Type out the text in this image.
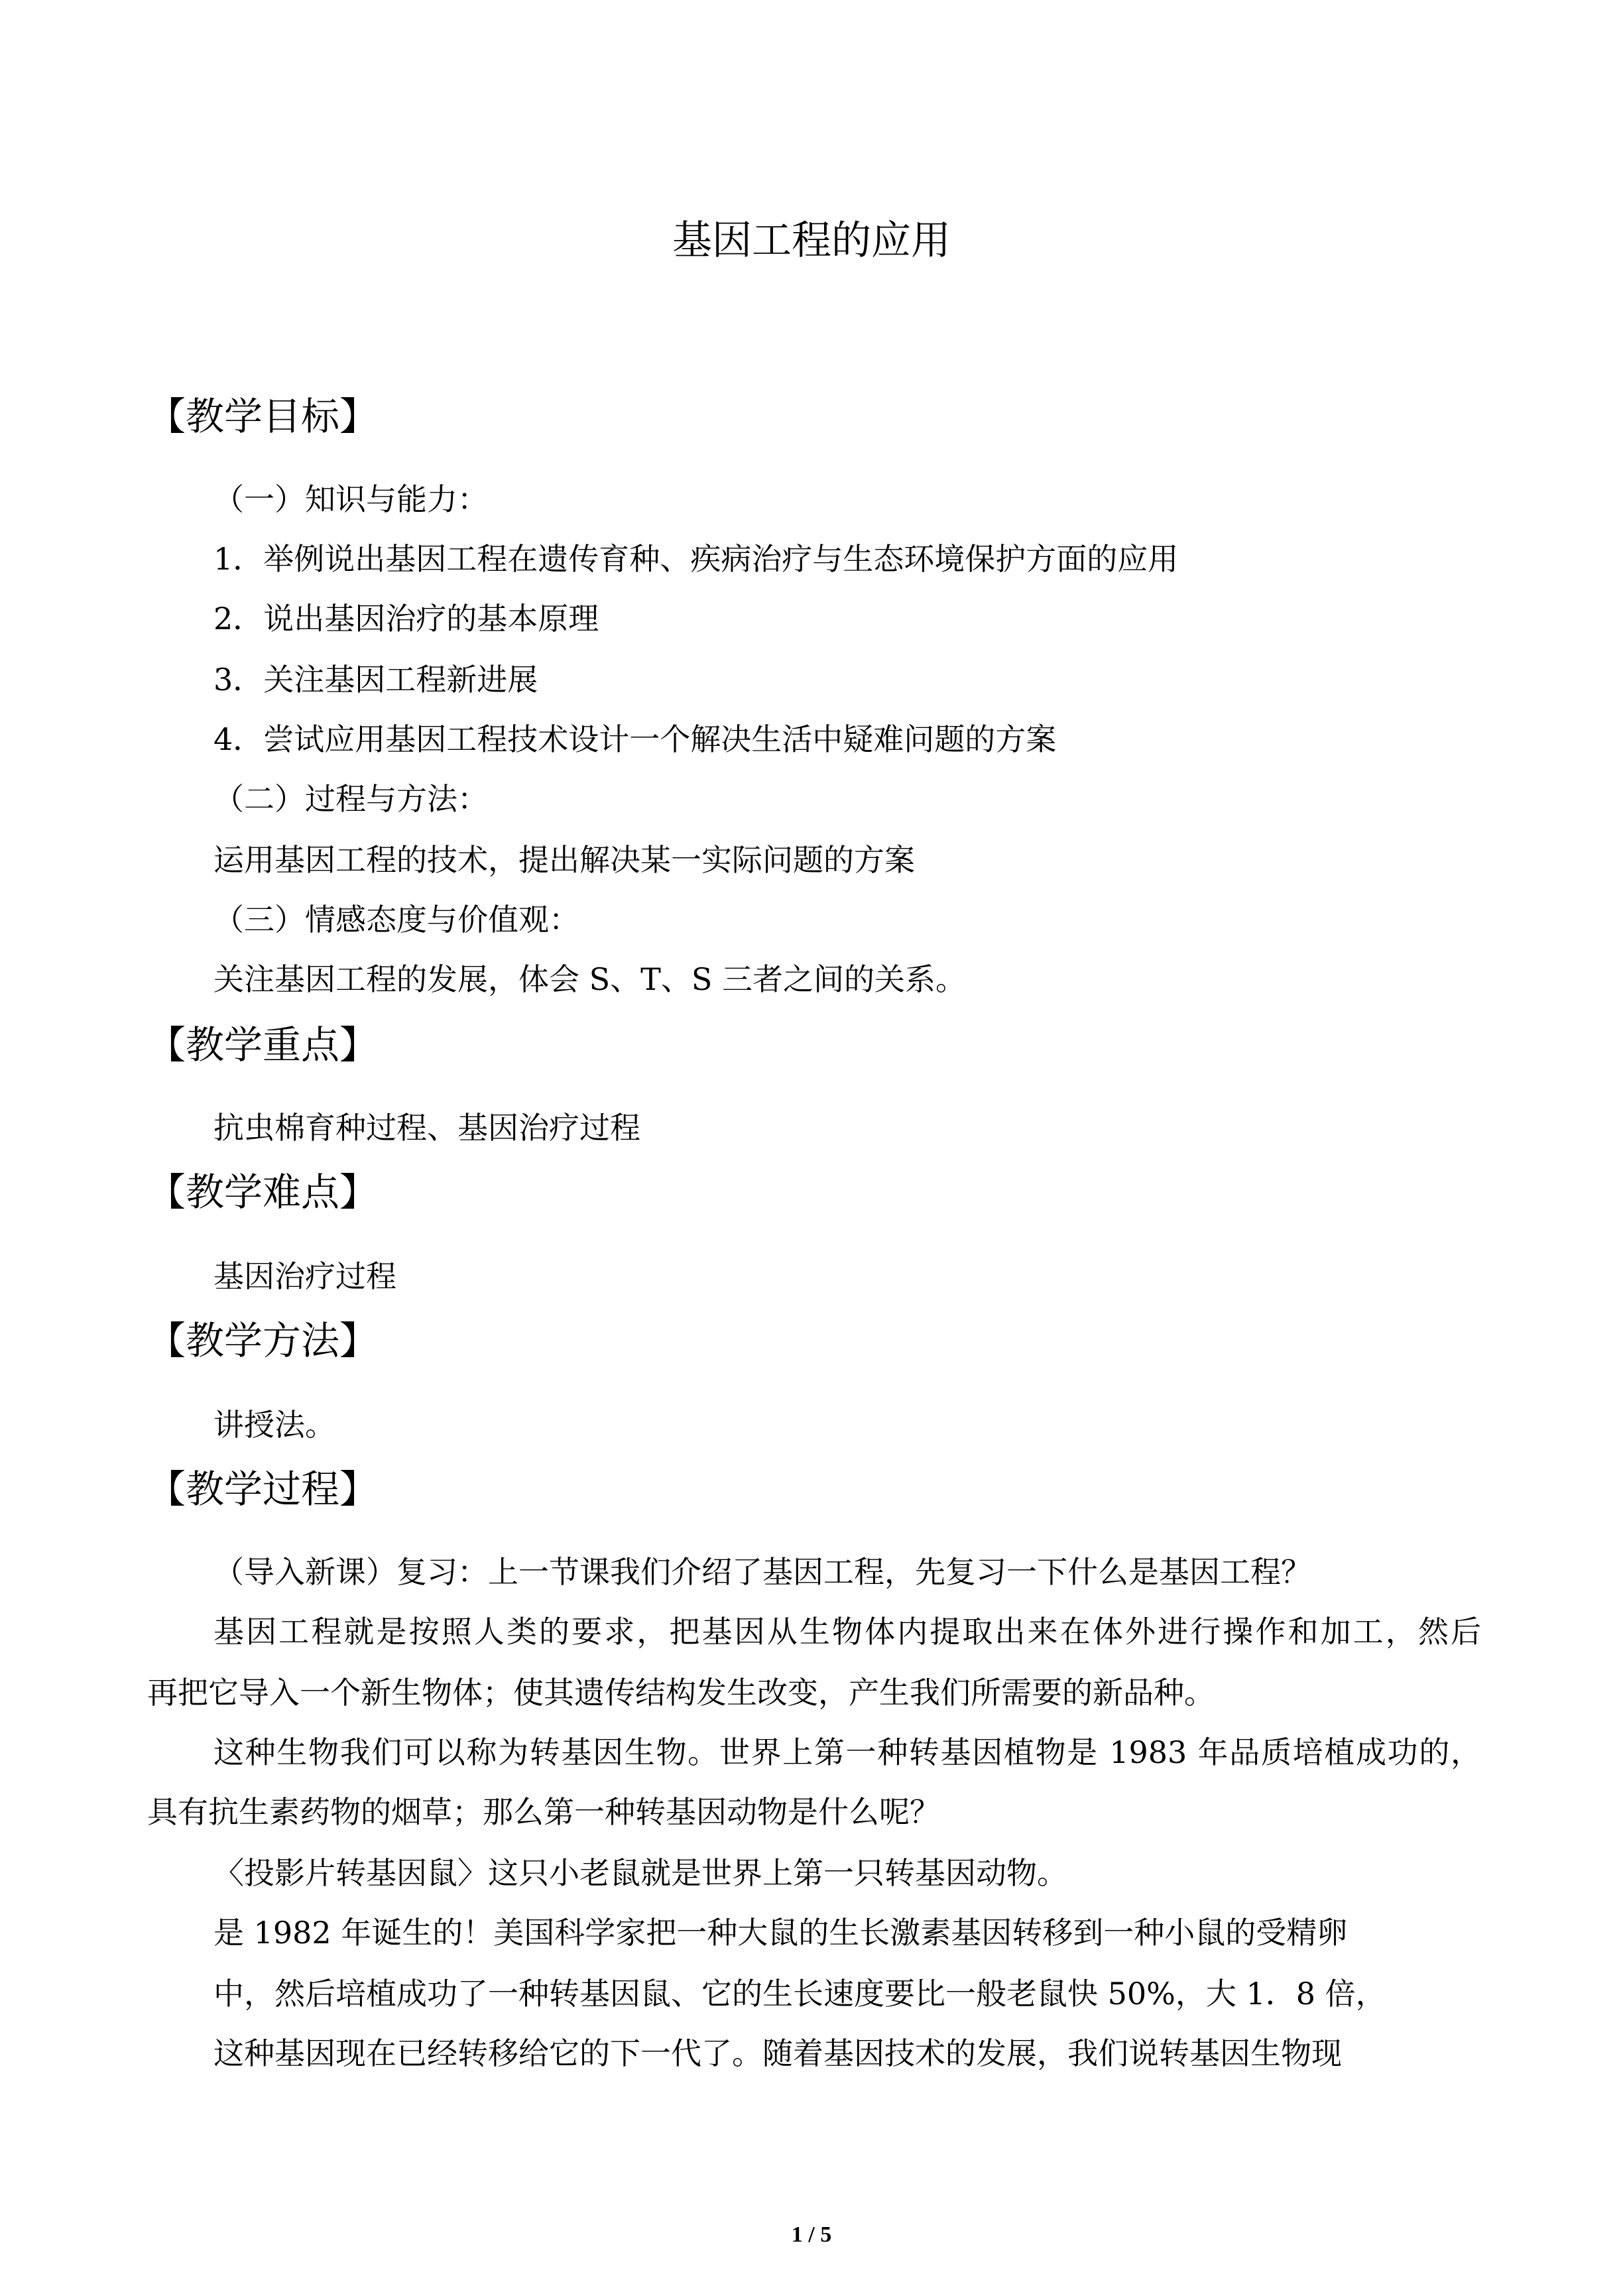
基因工程的应用
【教学目标】
（一）知识与能力：
1．举例说出基因工程在遗传育种、疾病治疗与生态环境保护方面的应用
2．说出基因治疗的基本原理
3．关注基因工程新进展
4．尝试应用基因工程技术设计一个解决生活中疑难问题的方案
（二）过程与方法：
运用基因工程的技术，提出解决某一实际问题的方案
（三）情感态度与价值观：
关注基因工程的发展，体会 S、T、S 三者之间的关系。
【教学重点】
抗虫棉育种过程、基因治疗过程
【教学难点】
基因治疗过程
【教学方法】
讲授法。
【教学过程】
（导入新课）复习：上一节课我们介绍了基因工程，先复习一下什么是基因工程？
基因工程就是按照人类的要求，把基因从生物体内提取出来在体外进行操作和加工，然后
再把它导入一个新生物体；使其遗传结构发生改变，产生我们所需要的新品种。
这种生物我们可以称为转基因生物。世界上第一种转基因植物是 1983 年品质培植成功的，
具有抗生素药物的烟草；那么第一种转基因动物是什么呢？
〈投影片转基因鼠〉这只小老鼠就是世界上第一只转基因动物。
是 1982 年诞生的！美国科学家把一种大鼠的生长激素基因转移到一种小鼠的受精卵
中，然后培植成功了一种转基因鼠、它的生长速度要比一般老鼠快 50%，大 1．8 倍，
这种基因现在已经转移给它的下一代了。随着基因技术的发展，我们说转基因生物现
1 / 5
